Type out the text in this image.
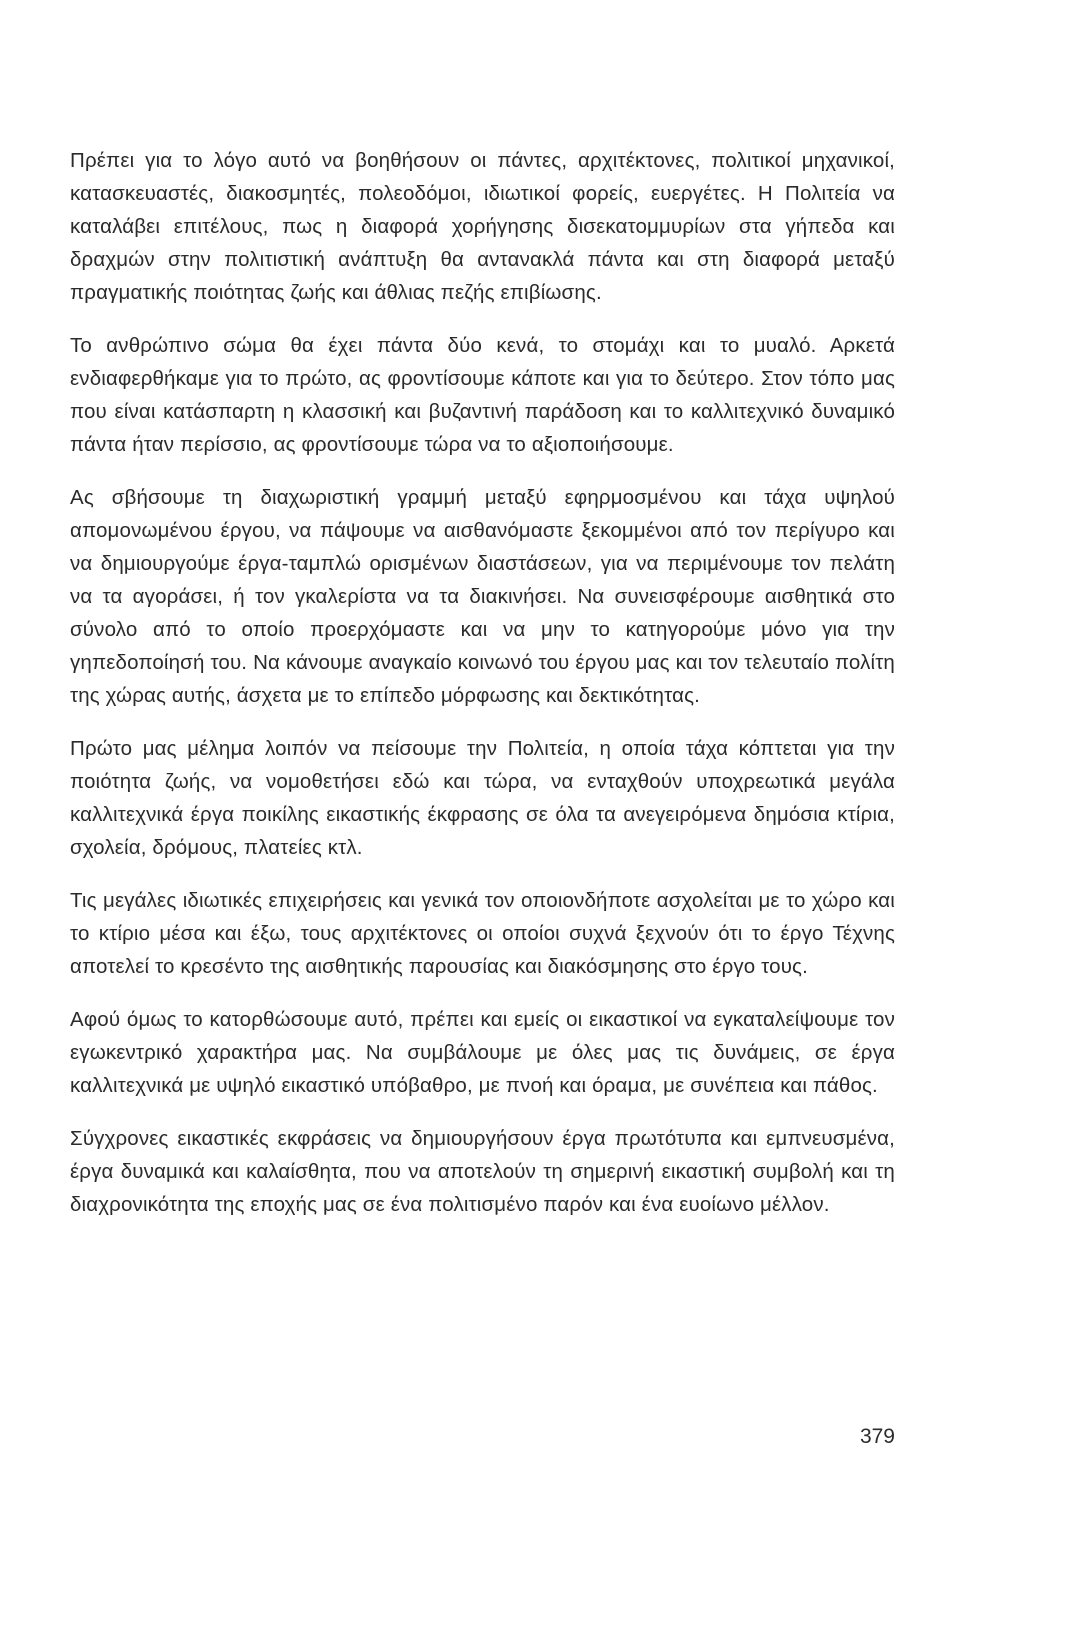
Πρέπει για το λόγο αυτό να βοηθήσουν οι πάντες, αρχιτέκτονες, πολιτικοί μηχανικοί, κατασκευαστές, διακοσμητές, πολεοδόμοι, ιδιωτικοί φορείς, ευεργέτες. Η Πολιτεία να καταλάβει επιτέλους, πως η διαφορά χορήγησης δισεκατομμυρίων στα γήπεδα και δραχμών στην πολιτιστική ανάπτυξη θα αντανακλά πάντα και στη διαφορά μεταξύ πραγματικής ποιότητας ζωής και άθλιας πεζής επιβίωσης.

Το ανθρώπινο σώμα θα έχει πάντα δύο κενά, το στομάχι και το μυαλό. Αρκετά ενδιαφερθήκαμε για το πρώτο, ας φροντίσουμε κάποτε και για το δεύτερο. Στον τόπο μας που είναι κατάσπαρτη η κλασσική και βυζαντινή παράδοση και το καλλιτεχνικό δυναμικό πάντα ήταν περίσσιο, ας φροντίσουμε τώρα να το αξιοποιήσουμε.

Ας σβήσουμε τη διαχωριστική γραμμή μεταξύ εφηρμοσμένου και τάχα υψηλού απομονωμένου έργου, να πάψουμε να αισθανόμαστε ξεκομμένοι από τον περίγυρο και να δημιουργούμε έργα-ταμπλώ ορισμένων διαστάσεων, για να περιμένουμε τον πελάτη να τα αγοράσει, ή τον γκαλερίστα να τα διακινήσει. Να συνεισφέρουμε αισθητικά στο σύνολο από το οποίο προερχόμαστε και να μην το κατηγορούμε μόνο για την γηπεδοποίησή του. Να κάνουμε αναγκαίο κοινωνό του έργου μας και τον τελευταίο πολίτη της χώρας αυτής, άσχετα με το επίπεδο μόρφωσης και δεκτικότητας.

Πρώτο μας μέλημα λοιπόν να πείσουμε την Πολιτεία, η οποία τάχα κόπτεται για την ποιότητα ζωής, να νομοθετήσει εδώ και τώρα, να ενταχθούν υποχρεωτικά μεγάλα καλλιτεχνικά έργα ποικίλης εικαστικής έκφρασης σε όλα τα ανεγειρόμενα δημόσια κτίρια, σχολεία, δρόμους, πλατείες κτλ.

Τις μεγάλες ιδιωτικές επιχειρήσεις και γενικά τον οποιονδήποτε ασχολείται με το χώρο και το κτίριο μέσα και έξω, τους αρχιτέκτονες οι οποίοι συχνά ξεχνούν ότι το έργο Τέχνης αποτελεί το κρεσέντο της αισθητικής παρουσίας και διακόσμησης στο έργο τους.

Αφού όμως το κατορθώσουμε αυτό, πρέπει και εμείς οι εικαστικοί να εγκαταλείψουμε τον εγωκεντρικό χαρακτήρα μας. Να συμβάλουμε με όλες μας τις δυνάμεις, σε έργα καλλιτεχνικά με υψηλό εικαστικό υπόβαθρο, με πνοή και όραμα, με συνέπεια και πάθος.

Σύγχρονες εικαστικές εκφράσεις να δημιουργήσουν έργα πρωτότυπα και εμπνευσμένα, έργα δυναμικά και καλαίσθητα, που να αποτελούν τη σημερινή εικαστική συμβολή και τη διαχρονικότητα της εποχής μας σε ένα πολιτισμένο παρόν και ένα ευοίωνο μέλλον.

379
